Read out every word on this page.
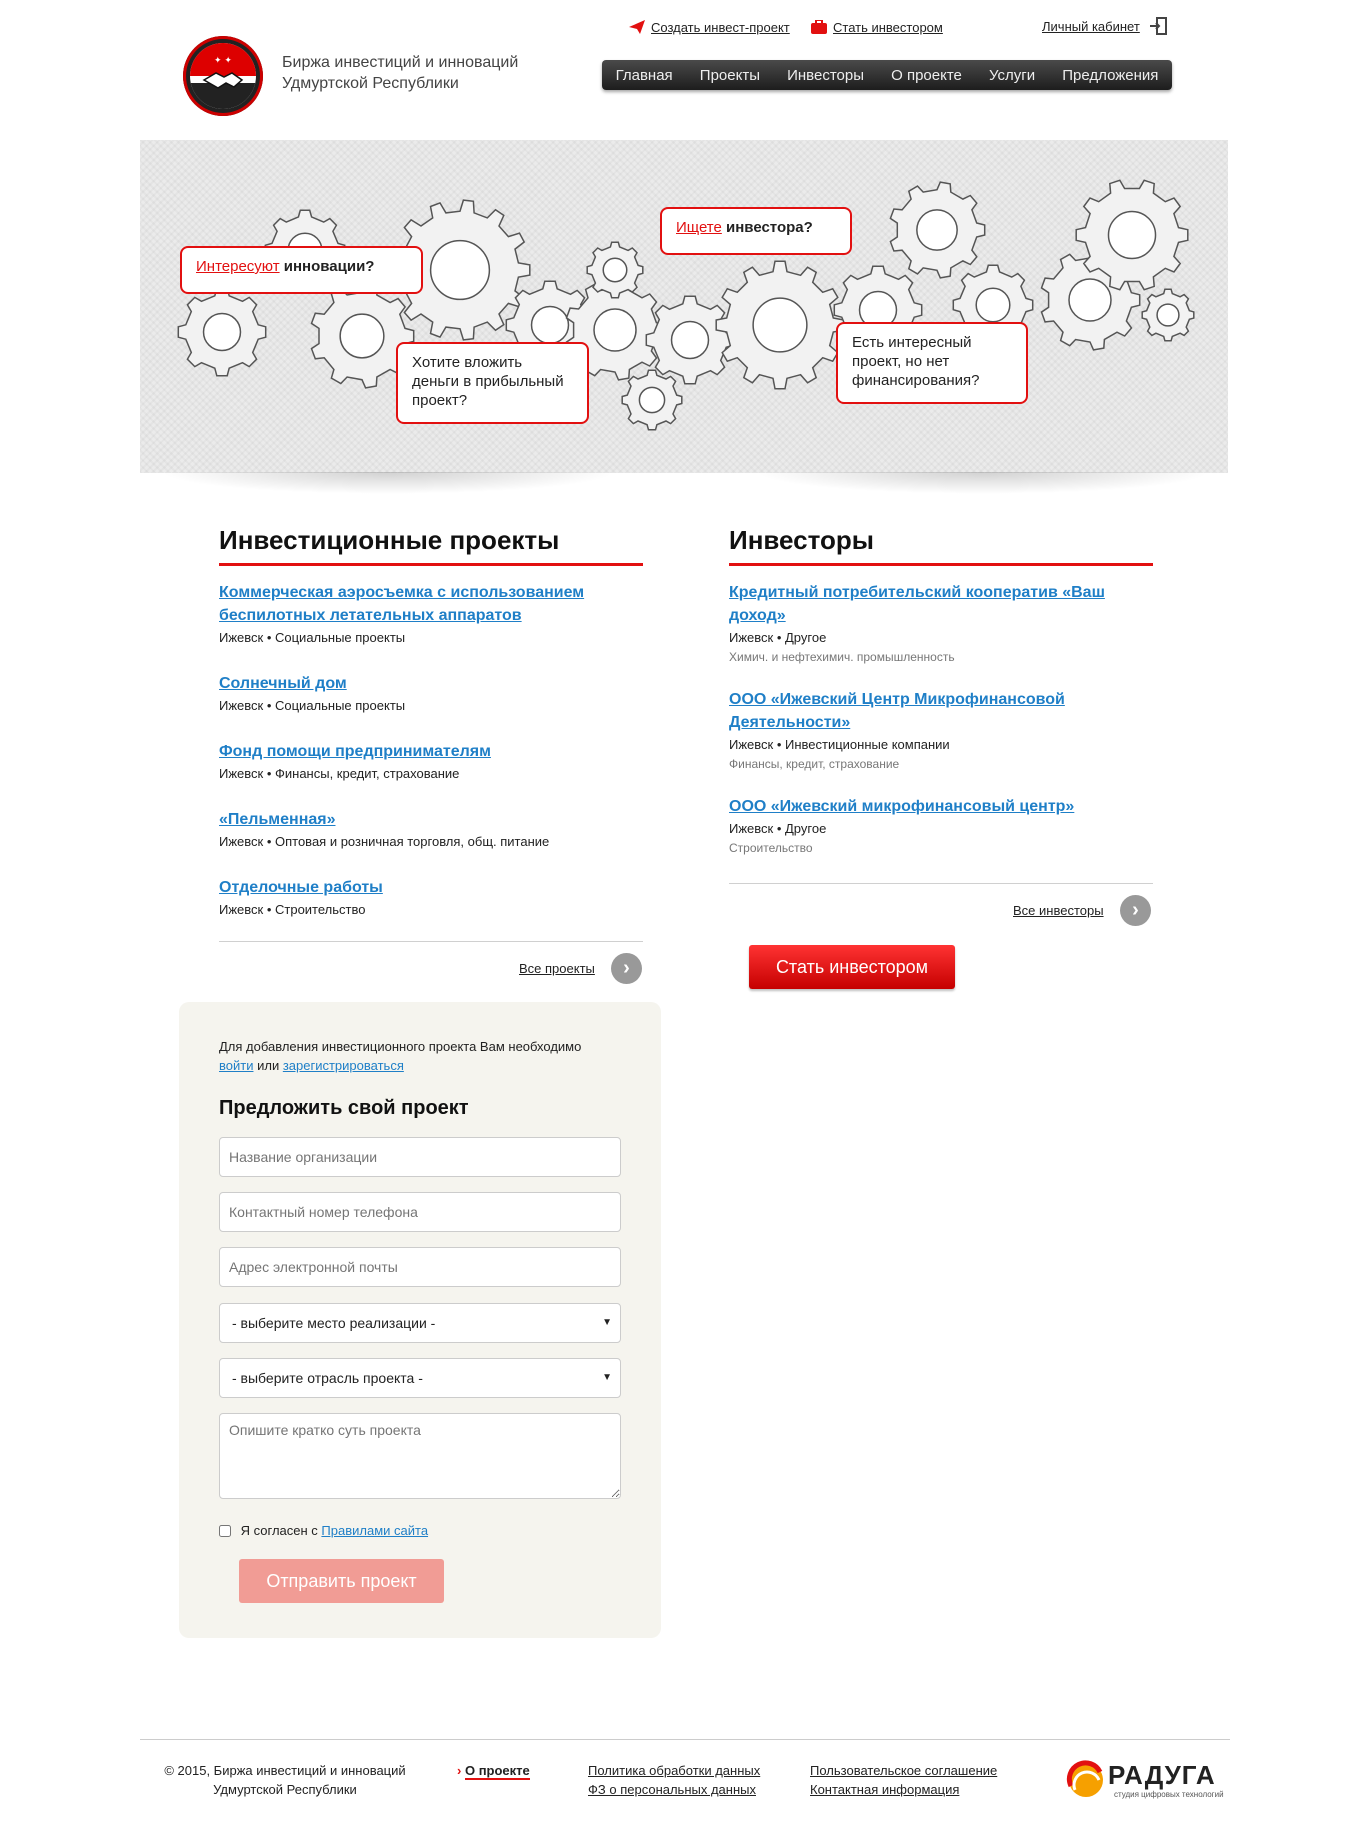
✦ ✦	Биржа инвестиций и инноваций
Удмуртской Республики
Создать инвест-проект	Стать инвестором	Личный кабинет
Главная Проекты Инвесторы О проекте Услуги Предложения
Интересуют инновации?
Хотите вложить деньги в прибыльный проект?
Ищете инвестора?
Есть интересный проект, но нет финансирования?
Инвестиционные проекты
Коммерческая аэросъемка с использованием беспилотных летательных аппаратов
Ижевск • Социальные проекты
Солнечный дом
Ижевск • Социальные проекты
Фонд помощи предпринимателям
Ижевск • Финансы, кредит, страхование
«Пельменная»
Ижевск • Оптовая и розничная торговля, общ. питание
Отделочные работы
Ижевск • Строительство
Все проекты	›
Инвесторы
Кредитный потребительский кооператив «Ваш доход»
Ижевск • Другое
Химич. и нефтехимич. промышленность
ООО «Ижевский Центр Микрофинансовой Деятельности»
Ижевск • Инвестиционные компании
Финансы, кредит, страхование
ООО «Ижевский микрофинансовый центр»
Ижевск • Другое
Строительство
Все инвесторы	›
Стать инвестором
Для добавления инвестиционного проекта Вам необходимо
войти или зарегистрироваться
Предложить свой проект
Название организации
Контактный номер телефона
Адрес электронной почты
- выберите место реализации -	▼
- выберите отрасль проекта -	▼
Опишите кратко суть проекта
Я согласен с Правилами сайта
Отправить проект
© 2015, Биржа инвестиций и инноваций
Удмуртской Республики
› О проекте	Политика обработки данных
ФЗ о персональных данных
Пользовательское соглашение
Контактная информация	РАДУГА
студия цифровых технологий
